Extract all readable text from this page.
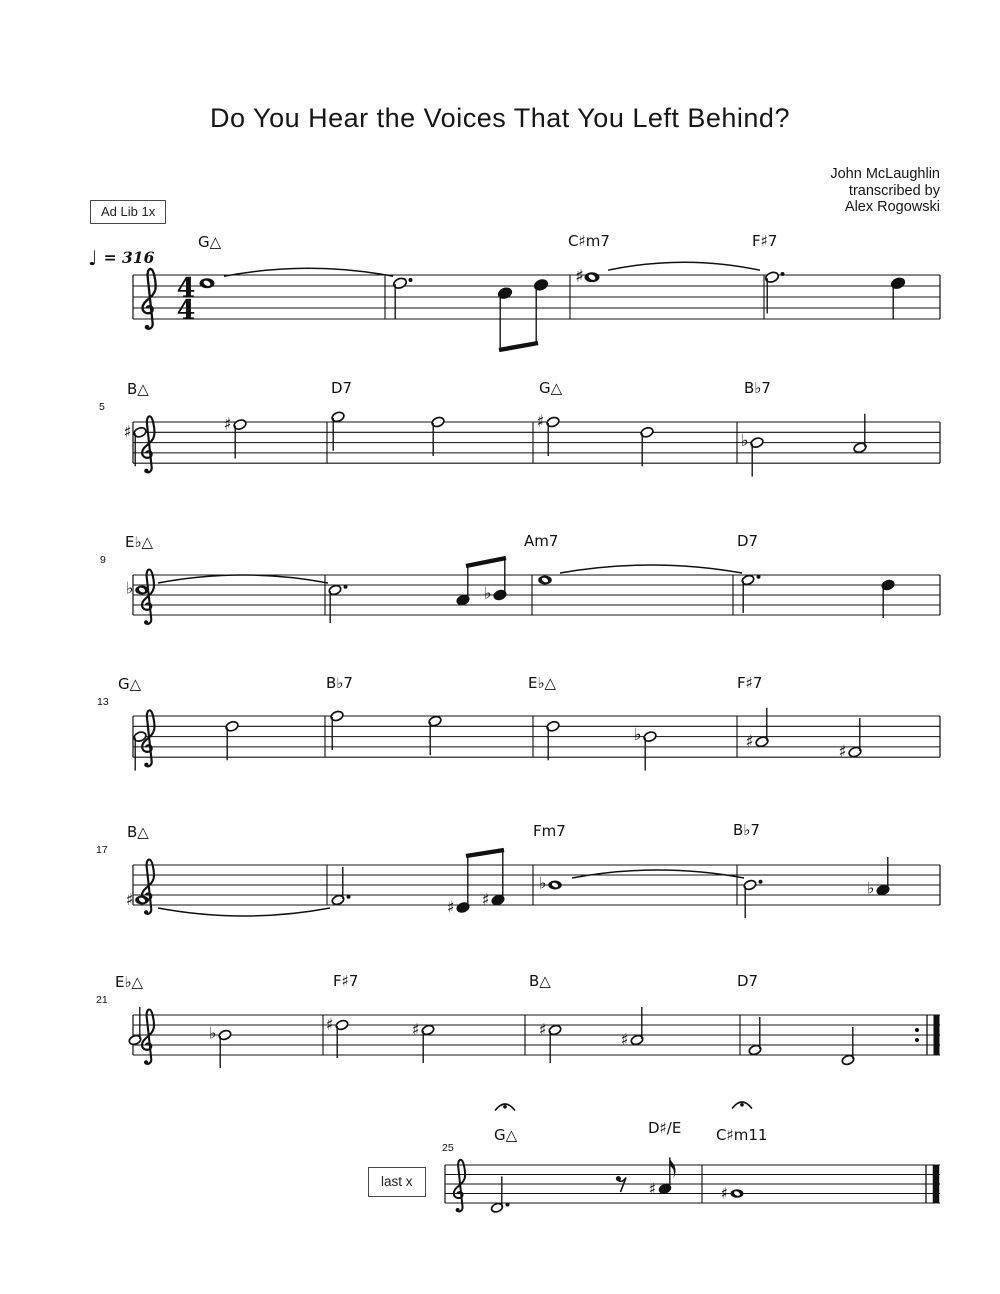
Do You Hear the Voices That You Left Behind?
John McLaughlin
transcribed by
Alex Rogowski
Ad Lib 1x
♩ = 316
last x
4
4
G△	C♯m7	F♯7
♯
5
B△	D7	G△	B♭7
♯	♯	♯
♭
9
E♭△	Am7	D7
♭	♭
13
G△	B♭7	E♭△	F♯7
♭	♯
♯
17
B△	Fm7	B♭7
♯	♯ ♯
♭	♭
21
E♭△	F♯7	B△	D7
♭	♯	♯	♯
♯
25
G△	D♯/E C♯m11
♯	♯
